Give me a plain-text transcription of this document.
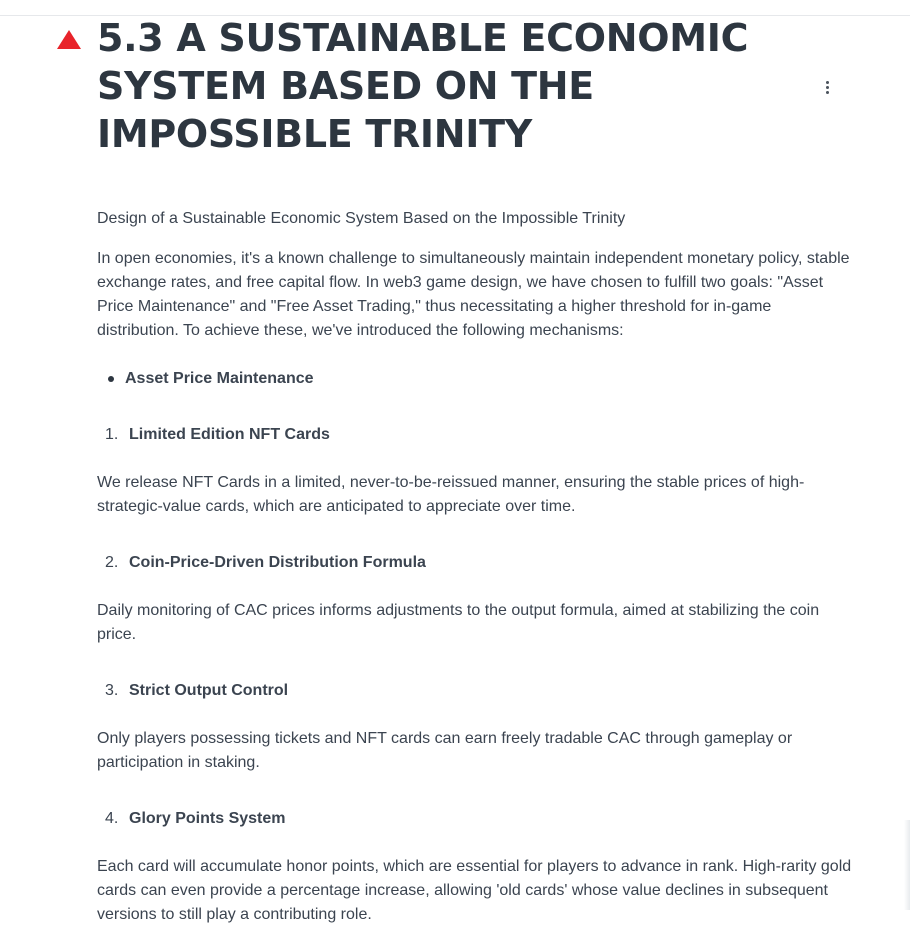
5.3 A SUSTAINABLE ECONOMIC SYSTEM BASED ON THE IMPOSSIBLE TRINITY

Design of a Sustainable Economic System Based on the Impossible Trinity

In open economies, it's a known challenge to simultaneously maintain independent monetary policy, stable exchange rates, and free capital flow. In web3 game design, we have chosen to fulfill two goals: "Asset Price Maintenance" and "Free Asset Trading," thus necessitating a higher threshold for in-game distribution. To achieve these, we've introduced the following mechanisms:

Asset Price Maintenance
1. Limited Edition NFT Cards

We release NFT Cards in a limited, never-to-be-reissued manner, ensuring the stable prices of high-strategic-value cards, which are anticipated to appreciate over time.

2. Coin-Price-Driven Distribution Formula

Daily monitoring of CAC prices informs adjustments to the output formula, aimed at stabilizing the coin price.

3. Strict Output Control

Only players possessing tickets and NFT cards can earn freely tradable CAC through gameplay or participation in staking.

4. Glory Points System

Each card will accumulate honor points, which are essential for players to advance in rank. High-rarity gold cards can even provide a percentage increase, allowing 'old cards' whose value declines in subsequent versions to still play a contributing role.
